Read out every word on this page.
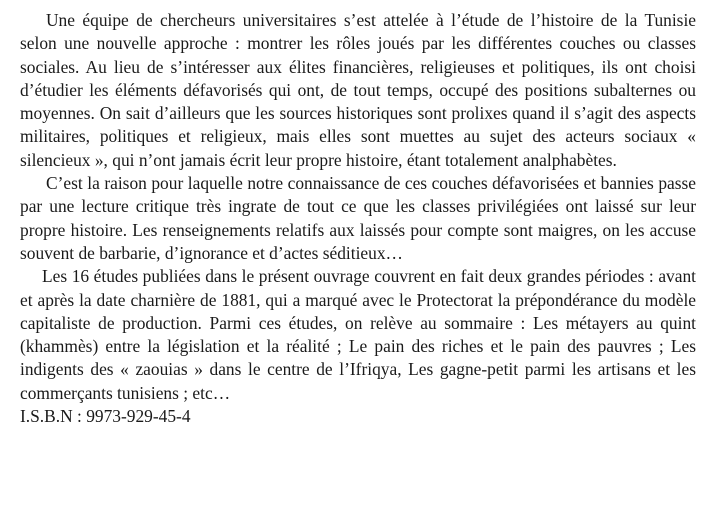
Une équipe de chercheurs universitaires s’est attelée à l’étude de l’histoire de la Tunisie selon une nouvelle approche : montrer les rôles joués par les différentes couches ou classes sociales. Au lieu de s’intéresser aux élites financières, religieuses et politiques, ils ont choisi d’étudier les éléments défavorisés qui ont, de tout temps, occupé des positions subalternes ou moyennes. On sait d’ailleurs que les sources historiques sont prolixes quand il s’agit des aspects militaires, politiques et religieux, mais elles sont muettes au sujet des acteurs sociaux « silencieux », qui n’ont jamais écrit leur propre histoire, étant totalement analphabètes.

C’est la raison pour laquelle notre connaissance de ces couches défavorisées et bannies passe par une lecture critique très ingrate de tout ce que les classes privilégiées ont laissé sur leur propre histoire. Les renseignements relatifs aux laissés pour compte sont maigres, on les accuse souvent de barbarie, d’ignorance et d’actes séditieux…

Les 16 études publiées dans le présent ouvrage couvrent en fait deux grandes périodes : avant et après la date charnière de 1881, qui a marqué avec le Protectorat la prépondérance du modèle capitaliste de production. Parmi ces études, on relève au sommaire : Les métayers au quint (khammès) entre la législation et la réalité ; Le pain des riches et le pain des pauvres ; Les indigents des « zaouias » dans le centre de l’Ifriqya, Les gagne-petit parmi les artisans et les commerçants tunisiens ; etc…

I.S.B.N : 9973-929-45-4
